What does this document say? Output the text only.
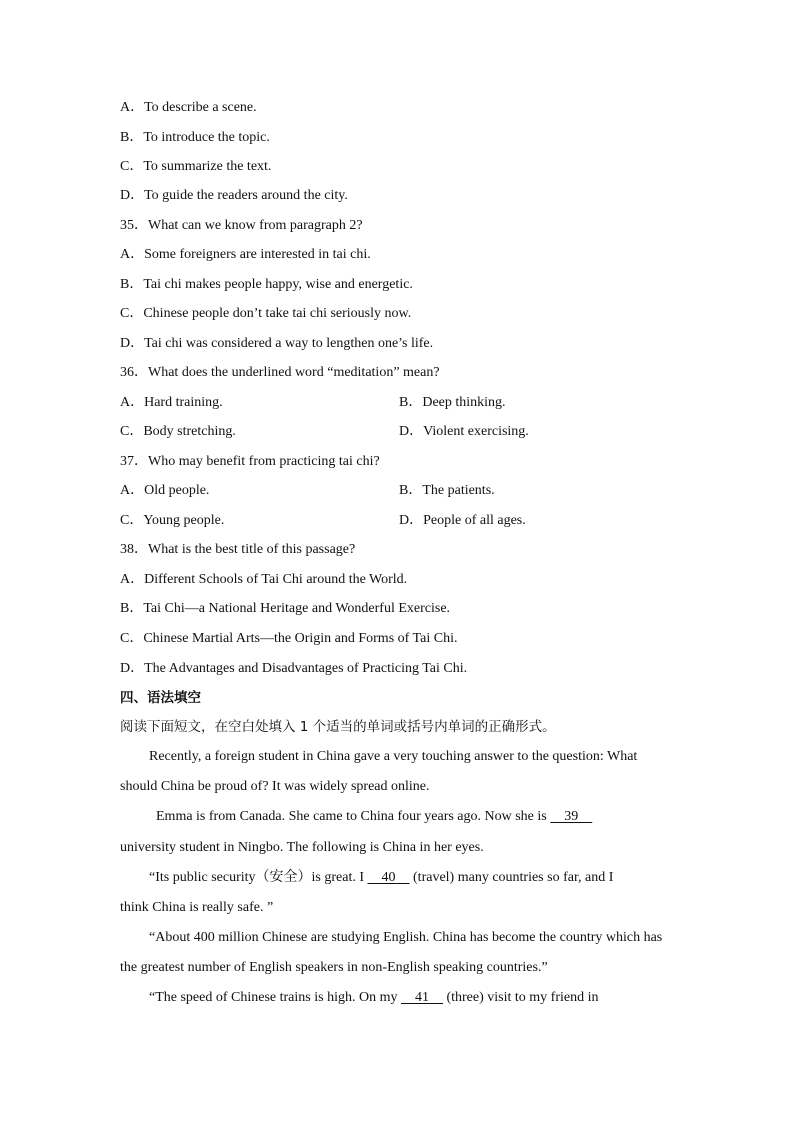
A．To describe a scene.
B．To introduce the topic.
C．To summarize the text.
D．To guide the readers around the city.
35．What can we know from paragraph 2?
A．Some foreigners are interested in tai chi.
B．Tai chi makes people happy, wise and energetic.
C．Chinese people don’t take tai chi seriously now.
D．Tai chi was considered a way to lengthen one’s life.
36．What does the underlined word “meditation” mean?
A．Hard training.	B．Deep thinking.
C．Body stretching.	D．Violent exercising.
37．Who may benefit from practicing tai chi?
A．Old people.	B．The patients.
C．Young people.	D．People of all ages.
38．What is the best title of this passage?
A．Different Schools of Tai Chi around the World.
B．Tai Chi—a National Heritage and Wonderful Exercise.
C．Chinese Martial Arts—the Origin and Forms of Tai Chi.
D．The Advantages and Disadvantages of Practicing Tai Chi.
四、语法填空
阅读下面短文，在空白处填入 1 个适当的单词或括号内单词的正确形式。
Recently, a foreign student in China gave a very touching answer to the question: What
should China be proud of? It was widely spread online.
Emma is from Canada. She came to China four years ago. Now she is     39
university student in Ningbo. The following is China in her eyes.
“Its public security（安全）is great. I     40     (travel) many countries so far, and I
think China is really safe. ”
“About 400 million Chinese are studying English. China has become the country which has
the greatest number of English speakers in non-English speaking countries.”
“The speed of Chinese trains is high. On my     41     (three) visit to my friend in
